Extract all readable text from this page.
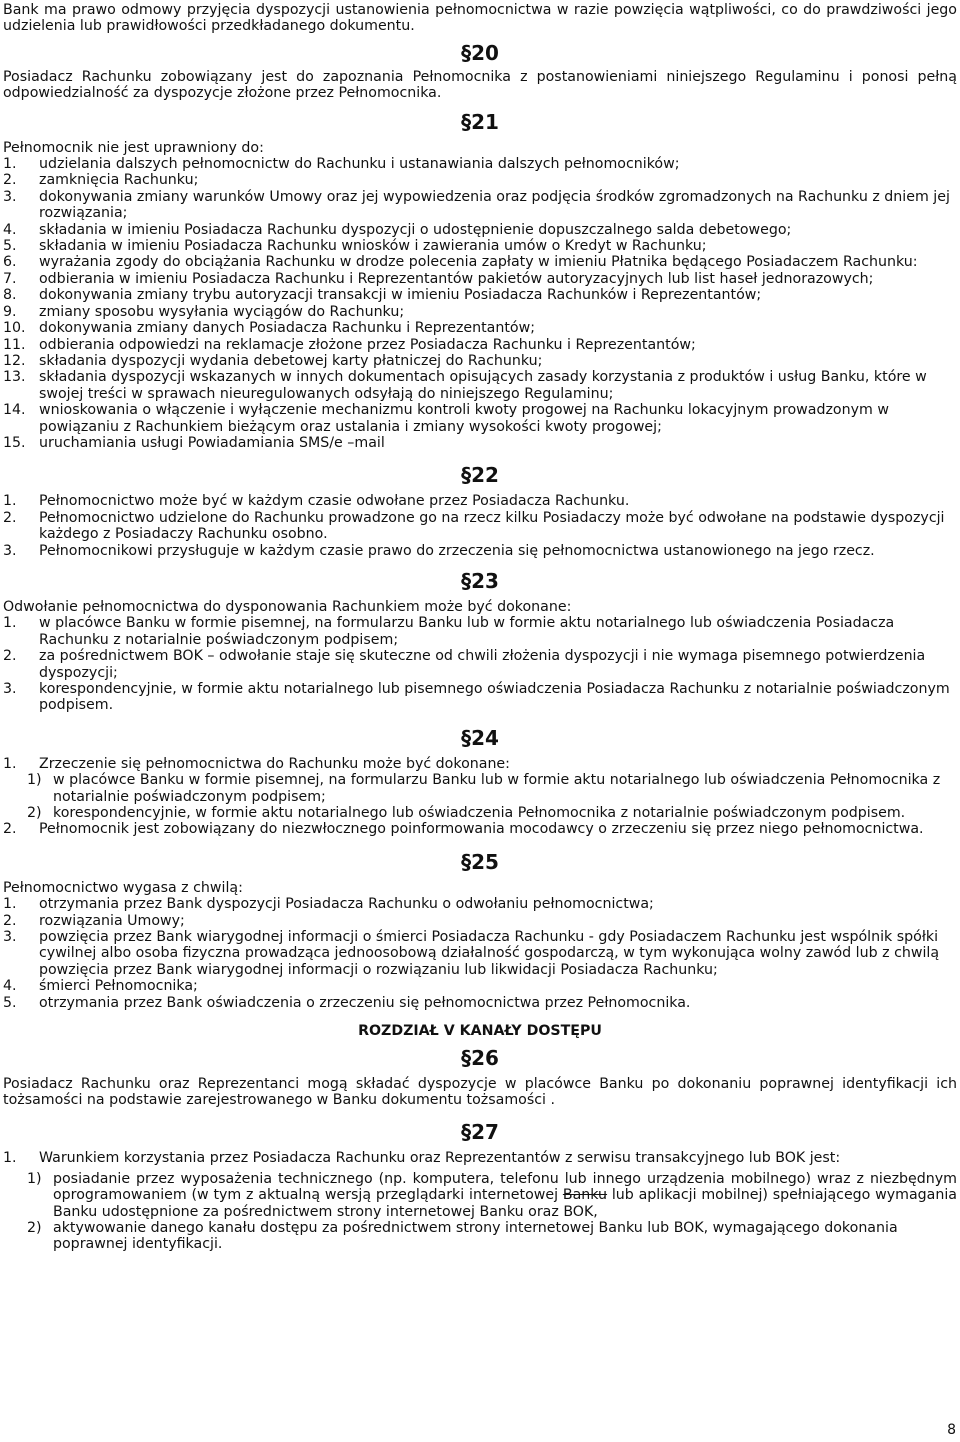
Bank ma prawo odmowy przyjęcia dyspozycji ustanowienia pełnomocnictwa w razie powzięcia wątpliwości, co do prawdziwości jego udzielenia lub prawidłowości przedkładanego dokumentu.

§20

Posiadacz Rachunku zobowiązany jest do zapoznania Pełnomocnika z postanowieniami niniejszego Regulaminu i ponosi pełną odpowiedzialność za dyspozycje złożone przez Pełnomocnika.

§21

Pełnomocnik nie jest uprawniony do:

1.	udzielania dalszych pełnomocnictw do Rachunku i ustanawiania dalszych pełnomocników;
2.	zamknięcia Rachunku;
3.	dokonywania zmiany warunków Umowy oraz jej wypowiedzenia oraz podjęcia środków zgromadzonych na Rachunku z dniem jej rozwiązania;
4.	składania w imieniu Posiadacza Rachunku dyspozycji o udostępnienie dopuszczalnego salda debetowego;
5.	składania w imieniu Posiadacza Rachunku wniosków i zawierania umów o Kredyt w Rachunku;
6.	wyrażania zgody do obciążania Rachunku w drodze polecenia zapłaty w imieniu Płatnika będącego Posiadaczem Rachunku:
7.	odbierania w imieniu Posiadacza Rachunku i Reprezentantów pakietów autoryzacyjnych lub list haseł jednorazowych;
8.	dokonywania zmiany trybu autoryzacji transakcji w imieniu Posiadacza Rachunków i Reprezentantów;
9.	zmiany sposobu wysyłania wyciągów do Rachunku;
10. dokonywania zmiany danych Posiadacza Rachunku i Reprezentantów;
11. odbierania odpowiedzi na reklamacje złożone przez Posiadacza Rachunku i Reprezentantów;
12. składania dyspozycji wydania debetowej karty płatniczej do Rachunku;
13. składania dyspozycji wskazanych w innych dokumentach opisujących zasady korzystania z produktów i usług Banku, które w swojej treści w sprawach nieuregulowanych odsyłają do niniejszego Regulaminu;
14. wnioskowania o włączenie i wyłączenie mechanizmu kontroli kwoty progowej na Rachunku lokacyjnym prowadzonym w powiązaniu z Rachunkiem bieżącym oraz ustalania i zmiany wysokości kwoty progowej;
15. uruchamiania usługi Powiadamiania SMS/e –mail
§22
1.	Pełnomocnictwo może być w każdym czasie odwołane przez Posiadacza Rachunku.
2.	Pełnomocnictwo udzielone do Rachunku prowadzone go na rzecz kilku Posiadaczy może być odwołane na podstawie dyspozycji każdego z Posiadaczy Rachunku osobno.
3.	Pełnomocnikowi przysługuje w każdym czasie prawo do zrzeczenia się pełnomocnictwa ustanowionego na jego rzecz.
§23

Odwołanie pełnomocnictwa do dysponowania Rachunkiem może być dokonane:

1.	w placówce Banku w formie pisemnej, na formularzu Banku lub w formie aktu notarialnego lub oświadczenia Posiadacza Rachunku z notarialnie poświadczonym podpisem;
2.	za pośrednictwem BOK – odwołanie staje się skuteczne od chwili złożenia dyspozycji i nie wymaga pisemnego potwierdzenia dyspozycji;
3.	korespondencyjnie, w formie aktu notarialnego lub pisemnego oświadczenia Posiadacza Rachunku z notarialnie poświadczonym podpisem.
§24
1.	Zrzeczenie się pełnomocnictwa do Rachunku może być dokonane:
1) w placówce Banku w formie pisemnej, na formularzu Banku lub w formie aktu notarialnego lub oświadczenia Pełnomocnika z notarialnie poświadczonym podpisem;
2) korespondencyjnie, w formie aktu notarialnego lub oświadczenia Pełnomocnika z notarialnie poświadczonym podpisem.
2.	Pełnomocnik jest zobowiązany do niezwłocznego poinformowania mocodawcy o zrzeczeniu się przez niego pełnomocnictwa.
§25

Pełnomocnictwo wygasa z chwilą:

1.	otrzymania przez Bank dyspozycji Posiadacza Rachunku o odwołaniu pełnomocnictwa;
2.	rozwiązania Umowy;
3.	powzięcia przez Bank wiarygodnej informacji o śmierci Posiadacza Rachunku - gdy Posiadaczem Rachunku jest wspólnik spółki cywilnej albo osoba fizyczna prowadząca jednoosobową działalność gospodarczą, w tym wykonująca wolny zawód lub z chwilą powzięcia przez Bank wiarygodnej informacji o rozwiązaniu lub likwidacji Posiadacza Rachunku;
4.	śmierci Pełnomocnika;
5.	otrzymania przez Bank oświadczenia o zrzeczeniu się pełnomocnictwa przez Pełnomocnika.
ROZDZIAŁ V KANAŁY DOSTĘPU
§26

Posiadacz Rachunku oraz Reprezentanci mogą składać dyspozycje w placówce Banku po dokonaniu poprawnej identyfikacji ich tożsamości na podstawie zarejestrowanego w Banku dokumentu tożsamości .

§27
1.	Warunkiem korzystania przez Posiadacza Rachunku oraz Reprezentantów z serwisu transakcyjnego lub BOK jest:
1) posiadanie przez wyposażenia technicznego (np. komputera, telefonu lub innego urządzenia mobilnego) wraz z niezbędnym oprogramowaniem (w tym z aktualną wersją przeglądarki internetowej Banku lub aplikacji mobilnej) spełniającego wymagania Banku udostępnione za pośrednictwem strony internetowej Banku oraz BOK,
2) aktywowanie danego kanału dostępu za pośrednictwem strony internetowej Banku lub BOK, wymagającego dokonania poprawnej identyfikacji.
8
